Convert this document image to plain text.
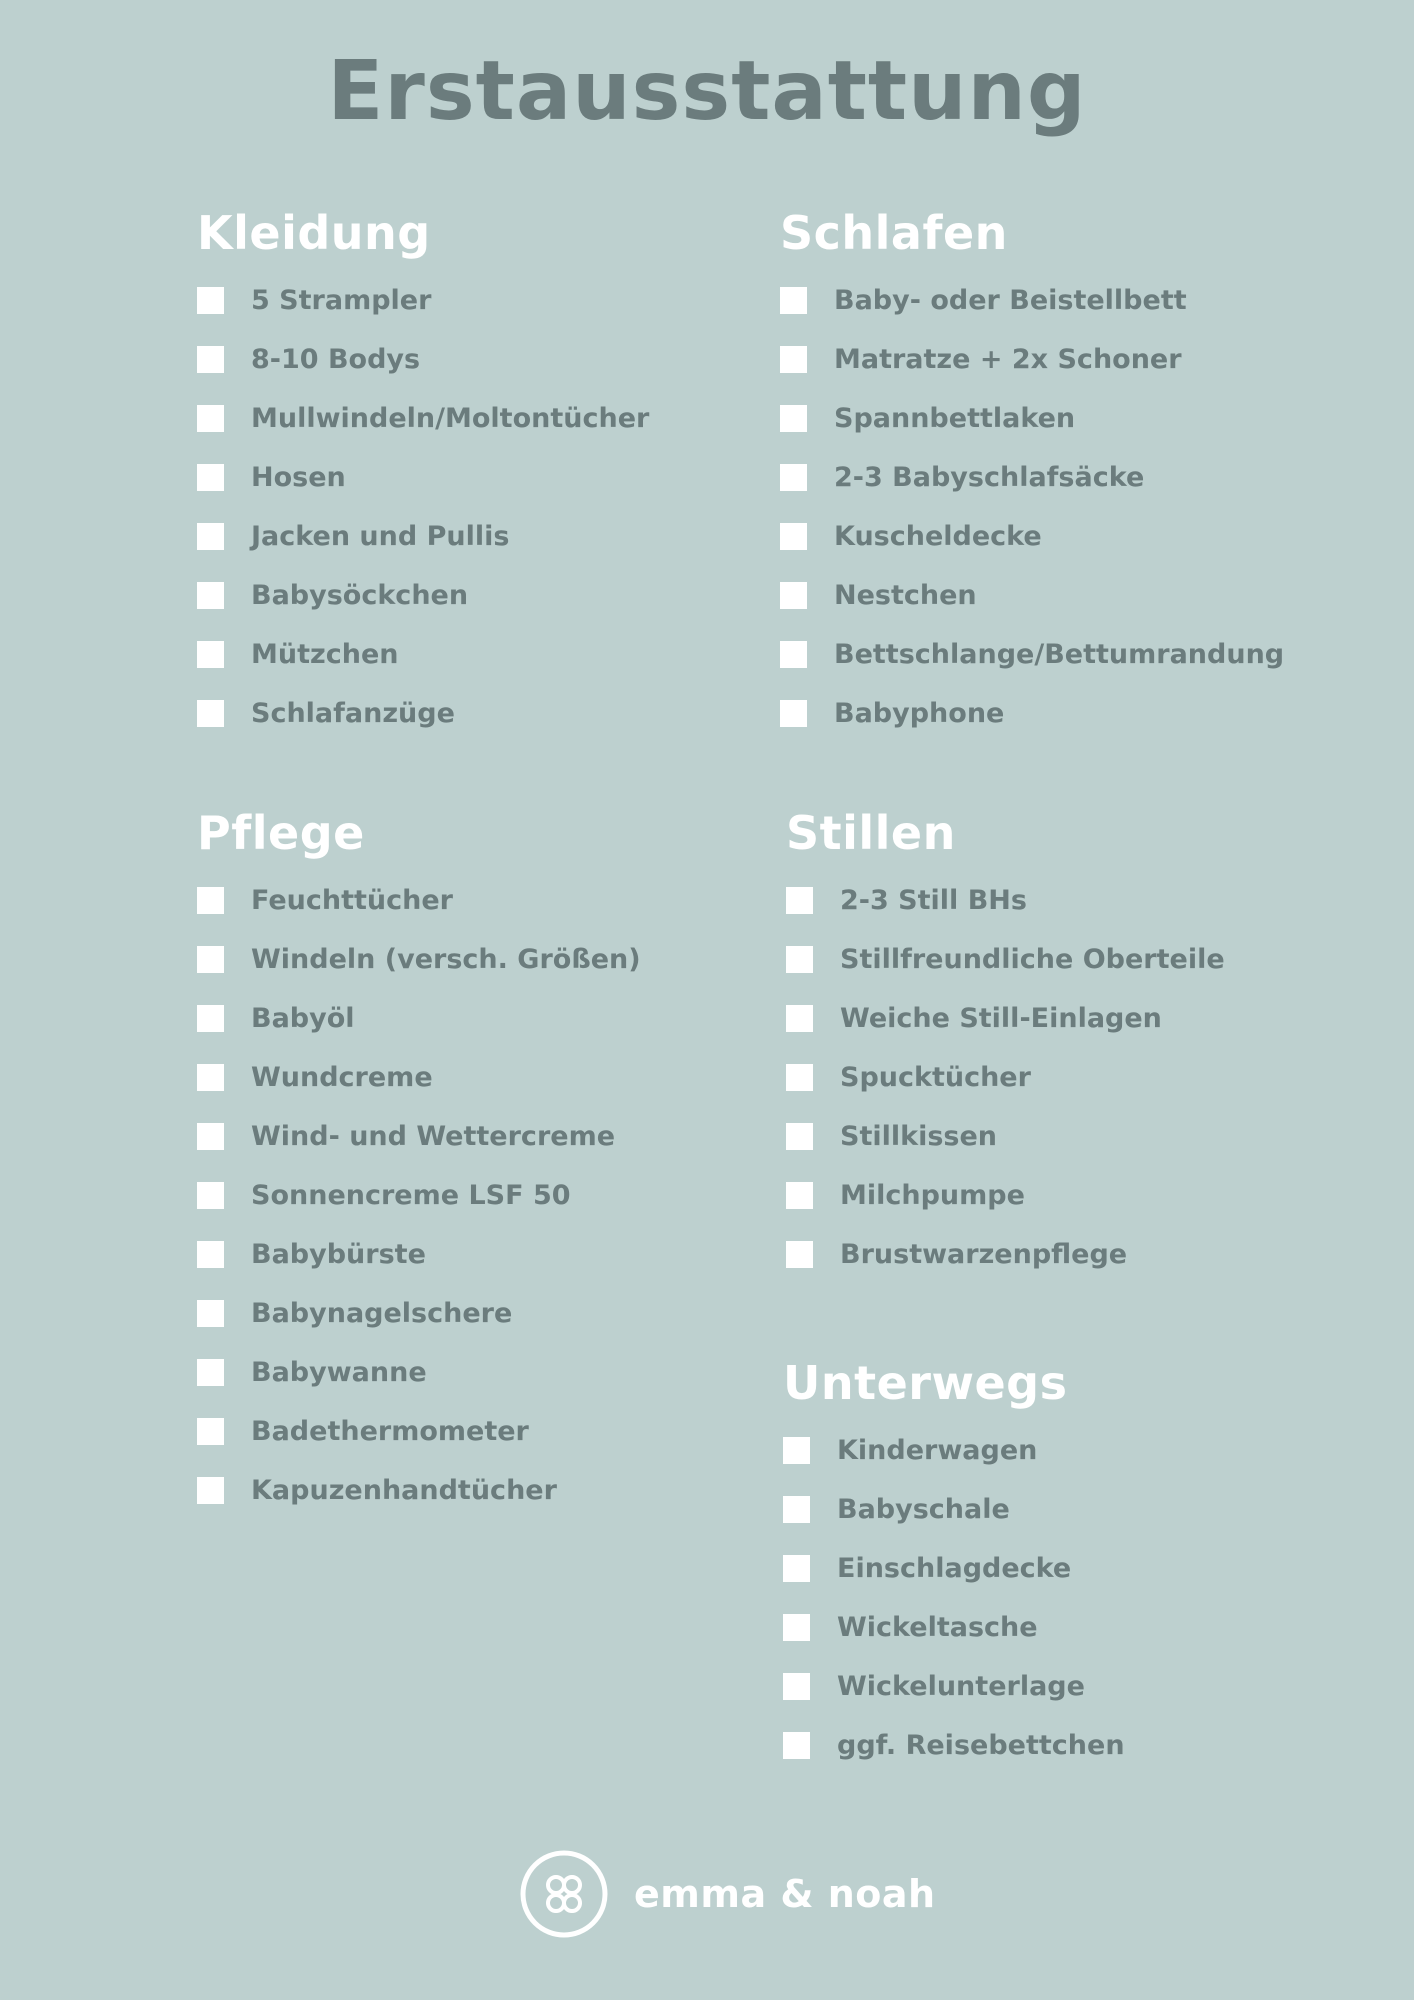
Erstausstattung
Kleidung
5 Strampler
8-10 Bodys
Mullwindeln/Moltontücher
Hosen
Jacken und Pullis
Babysöckchen
Mützchen
Schlafanzüge
Schlafen
Baby- oder Beistellbett
Matratze + 2x Schoner
Spannbettlaken
2-3 Babyschlafsäcke
Kuscheldecke
Nestchen
Bettschlange/Bettumrandung
Babyphone
Pflege
Feuchttücher
Windeln (versch. Größen)
Babyöl
Wundcreme
Wind- und Wettercreme
Sonnencreme LSF 50
Babybürste
Babynagelschere
Babywanne
Badethermometer
Kapuzenhandtücher
Stillen
2-3 Still BHs
Stillfreundliche Oberteile
Weiche Still-Einlagen
Spucktücher
Stillkissen
Milchpumpe
Brustwarzenpflege
Unterwegs
Kinderwagen
Babyschale
Einschlagdecke
Wickeltasche
Wickelunterlage
ggf. Reisebettchen
emma & noah
